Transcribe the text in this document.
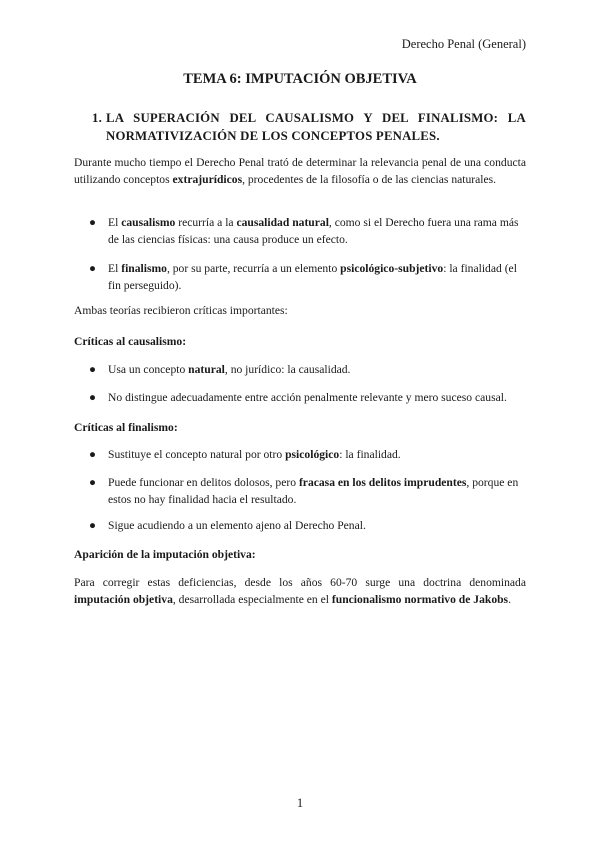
Derecho Penal (General)
TEMA 6: IMPUTACIÓN OBJETIVA
1. LA SUPERACIÓN DEL CAUSALISMO Y DEL FINALISMO: LA
NORMATIVIZACIÓN DE LOS CONCEPTOS PENALES.
Durante mucho tiempo el Derecho Penal trató de determinar la relevancia penal de una conducta utilizando conceptos extrajurídicos, procedentes de la filosofía o de las ciencias naturales.
● El causalismo recurría a la causalidad natural, como si el Derecho fuera una rama más de las ciencias físicas: una causa produce un efecto.
● El finalismo, por su parte, recurría a un elemento psicológico-subjetivo: la finalidad (el fin perseguido).
Ambas teorías recibieron críticas importantes:
Críticas al causalismo:
● Usa un concepto natural, no jurídico: la causalidad.
● No distingue adecuadamente entre acción penalmente relevante y mero suceso causal.
Críticas al finalismo:
● Sustituye el concepto natural por otro psicológico: la finalidad.
● Puede funcionar en delitos dolosos, pero fracasa en los delitos imprudentes, porque en estos no hay finalidad hacia el resultado.
● Sigue acudiendo a un elemento ajeno al Derecho Penal.
Aparición de la imputación objetiva:
Para corregir estas deficiencias, desde los años 60-70 surge una doctrina denominada imputación objetiva, desarrollada especialmente en el funcionalismo normativo de Jakobs.
1
